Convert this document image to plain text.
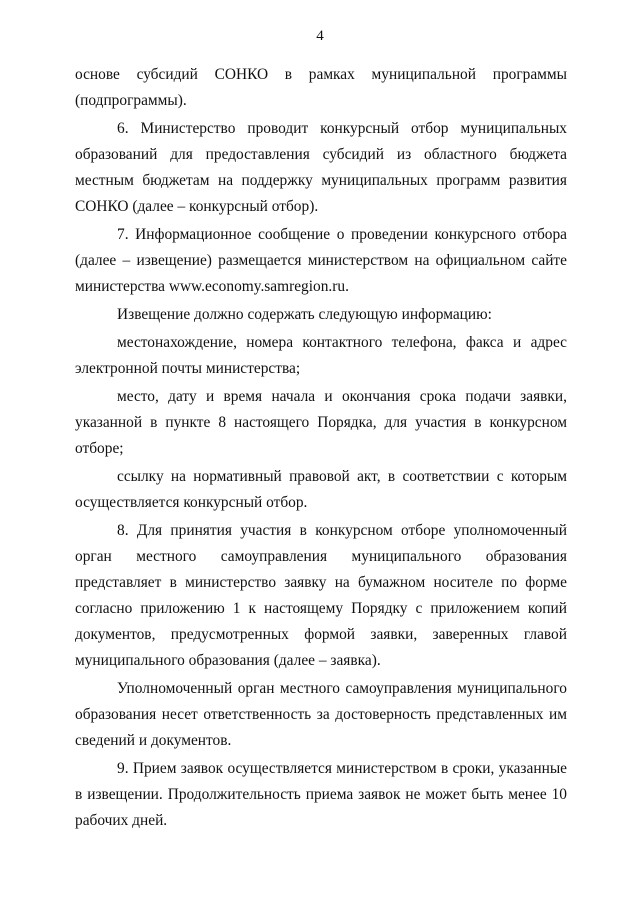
4

основе субсидий СОНКО в рамках муниципальной программы (подпрограммы).

6. Министерство проводит конкурсный отбор муниципальных образований для предоставления субсидий из областного бюджета местным бюджетам на поддержку муниципальных программ развития СОНКО (далее – конкурсный отбор).

7. Информационное сообщение о проведении конкурсного отбора (далее – извещение) размещается министерством на официальном сайте министерства www.economy.samregion.ru.

Извещение должно содержать следующую информацию:

местонахождение, номера контактного телефона, факса и адрес электронной почты министерства;

место, дату и время начала и окончания срока подачи заявки, указанной в пункте 8 настоящего Порядка, для участия в конкурсном отборе;

ссылку на нормативный правовой акт, в соответствии с которым осуществляется конкурсный отбор.

8. Для принятия участия в конкурсном отборе уполномоченный орган местного самоуправления муниципального образования представляет в министерство заявку на бумажном носителе по форме согласно приложению 1 к настоящему Порядку с приложением копий документов, предусмотренных формой заявки, заверенных главой муниципального образования (далее – заявка).

Уполномоченный орган местного самоуправления муниципального образования несет ответственность за достоверность представленных им сведений и документов.

9. Прием заявок осуществляется министерством в сроки, указанные в извещении. Продолжительность приема заявок не может быть менее 10 рабочих дней.
